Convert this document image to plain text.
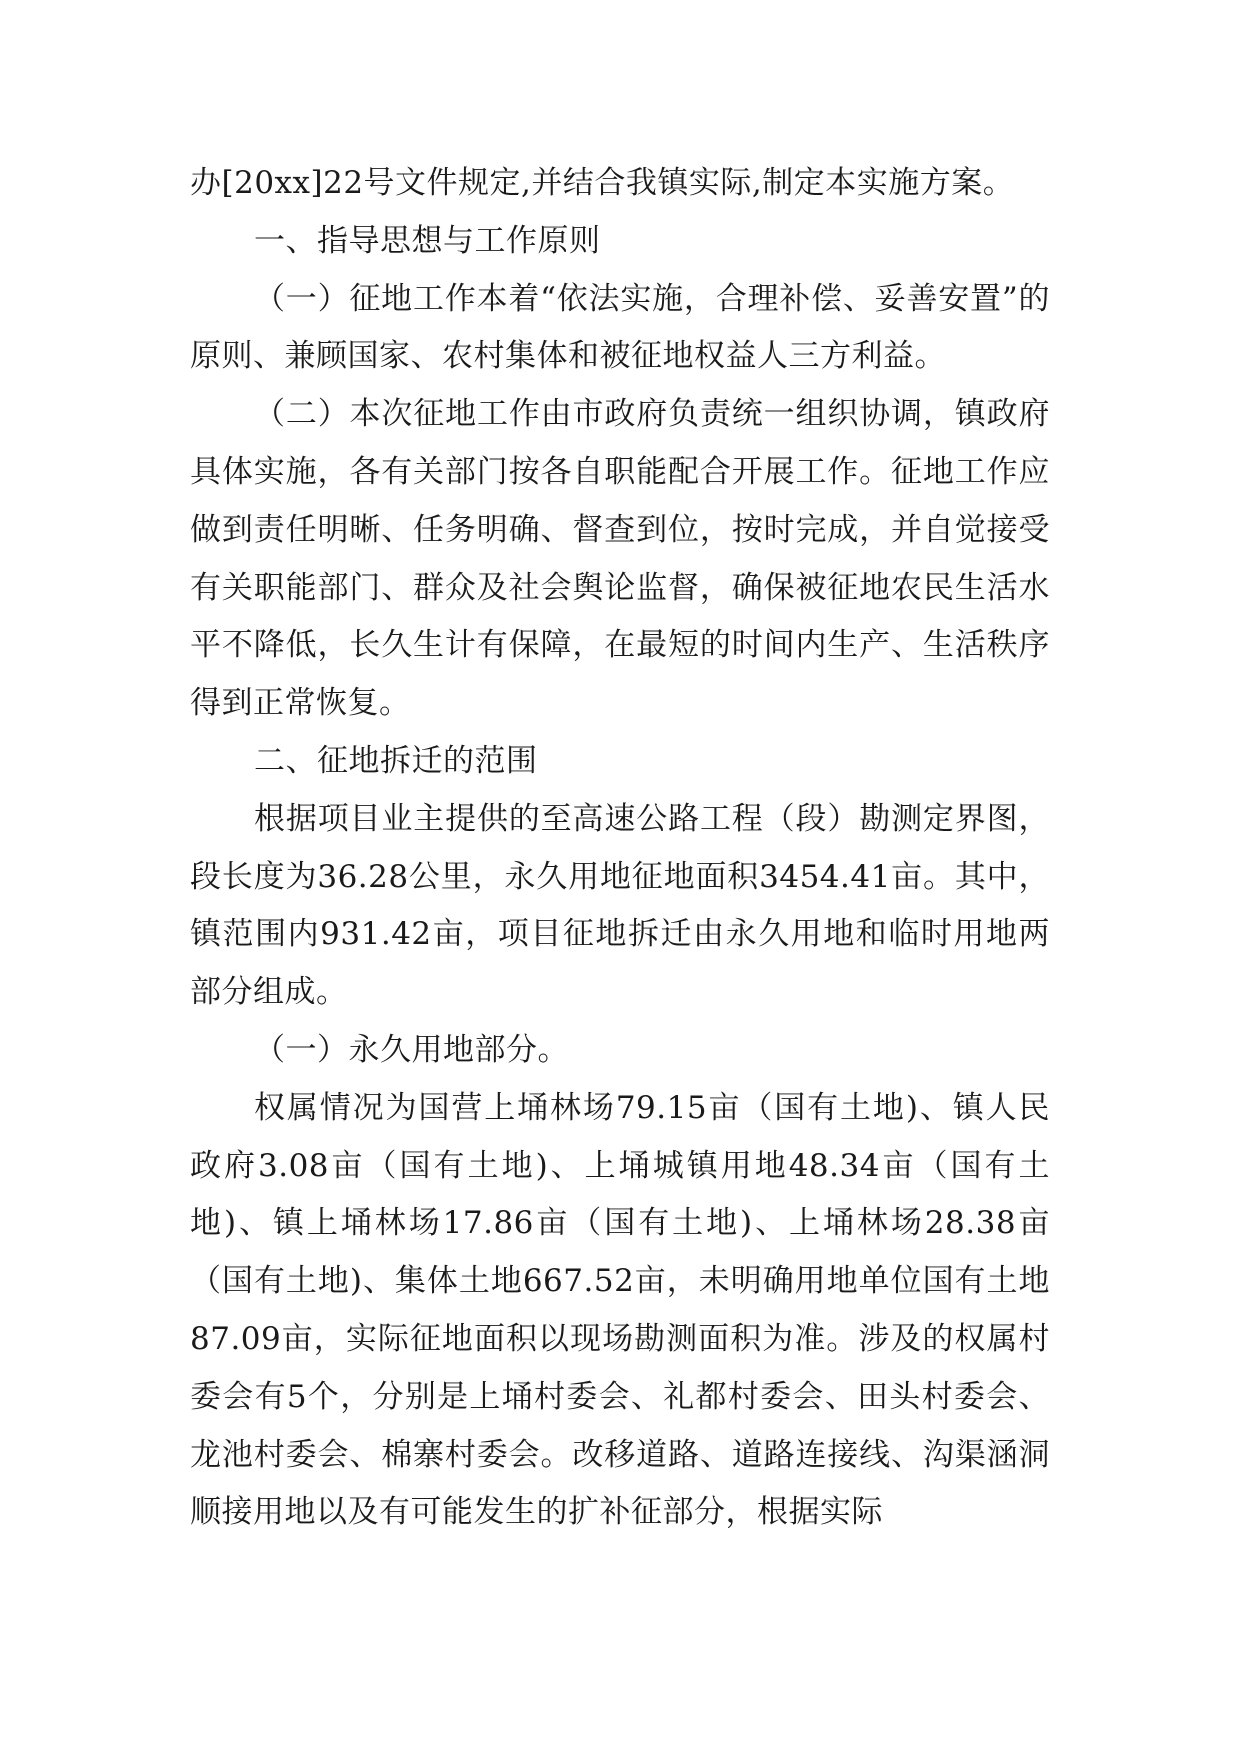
办[20xx]22号文件规定,并结合我镇实际,制定本实施方案。

一、指导思想与工作原则

（一）征地工作本着“依法实施，合理补偿、妥善安置”的原则、兼顾国家、农村集体和被征地权益人三方利益。

（二）本次征地工作由市政府负责统一组织协调，镇政府具体实施，各有关部门按各自职能配合开展工作。征地工作应做到责任明晰、任务明确、督查到位，按时完成，并自觉接受有关职能部门、群众及社会舆论监督，确保被征地农民生活水平不降低，长久生计有保障，在最短的时间内生产、生活秩序得到正常恢复。

二、征地拆迁的范围

根据项目业主提供的至高速公路工程（段）勘测定界图，段长度为36.28公里，永久用地征地面积3454.41亩。其中，镇范围内931.42亩，项目征地拆迁由永久用地和临时用地两部分组成。

（一）永久用地部分。

权属情况为国营上埇林场79.15亩（国有土地)、镇人民政府3.08亩（国有土地)、上埇城镇用地48.34亩（国有土地)、镇上埇林场17.86亩（国有土地)、上埇林场28.38亩（国有土地)、集体土地667.52亩，未明确用地单位国有土地87.09亩，实际征地面积以现场勘测面积为准。涉及的权属村委会有5个，分别是上埇村委会、礼都村委会、田头村委会、龙池村委会、棉寨村委会。改移道路、道路连接线、沟渠涵洞顺接用地以及有可能发生的扩补征部分，根据实际
